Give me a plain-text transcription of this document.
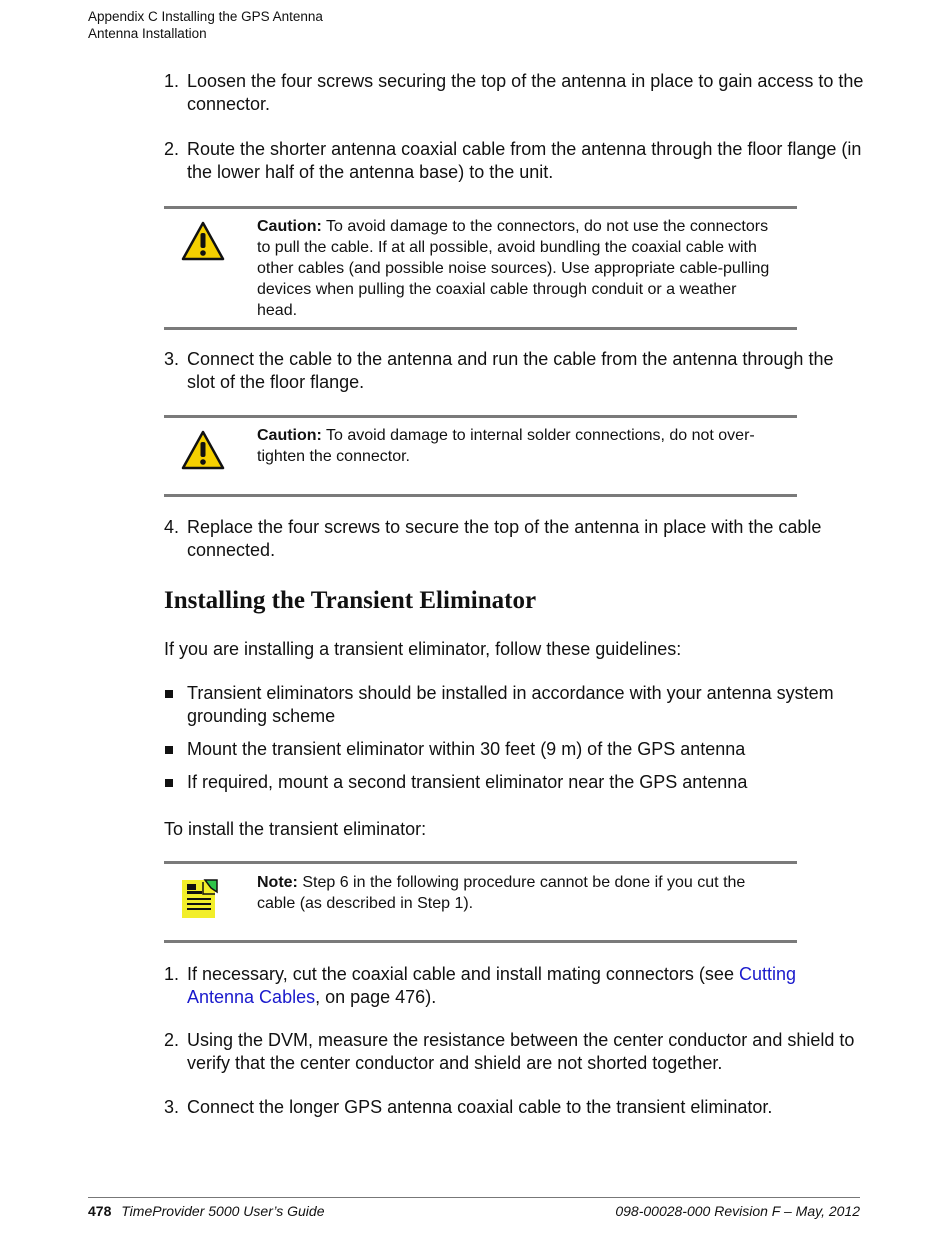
Appendix C Installing the GPS Antenna
Antenna Installation
1. Loosen the four screws securing the top of the antenna in place to gain access to the connector.
2. Route the shorter antenna coaxial cable from the antenna through the floor flange (in the lower half of the antenna base) to the unit.
Caution: To avoid damage to the connectors, do not use the connectors to pull the cable. If at all possible, avoid bundling the coaxial cable with other cables (and possible noise sources). Use appropriate cable-pulling devices when pulling the coaxial cable through conduit or a weather head.
3. Connect the cable to the antenna and run the cable from the antenna through the slot of the floor flange.
Caution: To avoid damage to internal solder connections, do not over-tighten the connector.
4. Replace the four screws to secure the top of the antenna in place with the cable connected.
Installing the Transient Eliminator
If you are installing a transient eliminator, follow these guidelines:
Transient eliminators should be installed in accordance with your antenna system grounding scheme
Mount the transient eliminator within 30 feet (9 m) of the GPS antenna
If required, mount a second transient eliminator near the GPS antenna
To install the transient eliminator:
Note: Step 6 in the following procedure cannot be done if you cut the cable (as described in Step 1).
1. If necessary, cut the coaxial cable and install mating connectors (see Cutting Antenna Cables, on page 476).
2. Using the DVM, measure the resistance between the center conductor and shield to verify that the center conductor and shield are not shorted together.
3. Connect the longer GPS antenna coaxial cable to the transient eliminator.
478 TimeProvider 5000 User’s Guide	098-00028-000 Revision F – May, 2012
